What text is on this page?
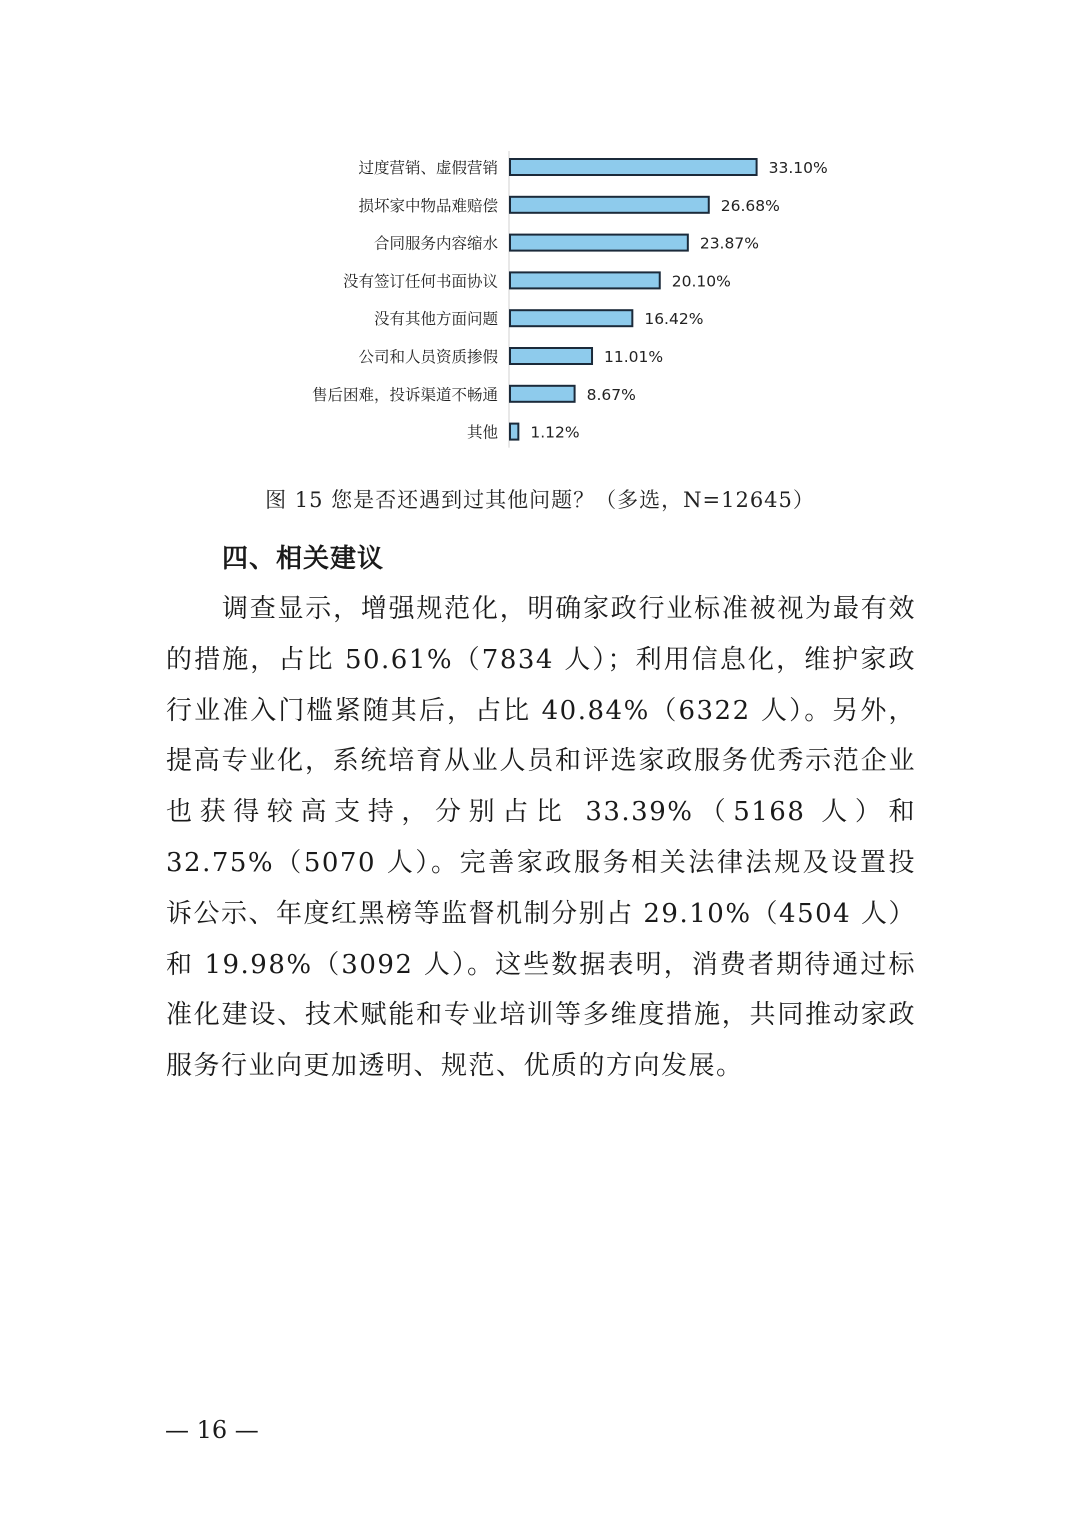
过度营销、虚假营销	33.10%
损坏家中物品难赔偿	26.68%
合同服务内容缩水	23.87%
没有签订任何书面协议	20.10%
没有其他方面问题	16.42%
公司和人员资质掺假	11.01%
售后困难，投诉渠道不畅通	8.67%
其他 1.12%
图 15 您是否还遇到过其他问题？（多选，N=12645）
四、相关建议

调查显示，增强规范化，明确家政行业标准被视为最有效的措施，占比 50.61%（7834 人）；利用信息化，维护家政行业准入门槛紧随其后，占比 40.84%（6322 人）。另外，提高专业化，系统培育从业人员和评选家政服务优秀示范企业也获得较高支持，分别占比 33.39%（5168 人）和 32.75%（5070 人）。完善家政服务相关法律法规及设置投诉公示、年度红黑榜等监督机制分别占 29.10%（4504 人）和 19.98%（3092 人）。这些数据表明，消费者期待通过标准化建设、技术赋能和专业培训等多维度措施，共同推动家政服务行业向更加透明、规范、优质的方向发展。

— 16 —
